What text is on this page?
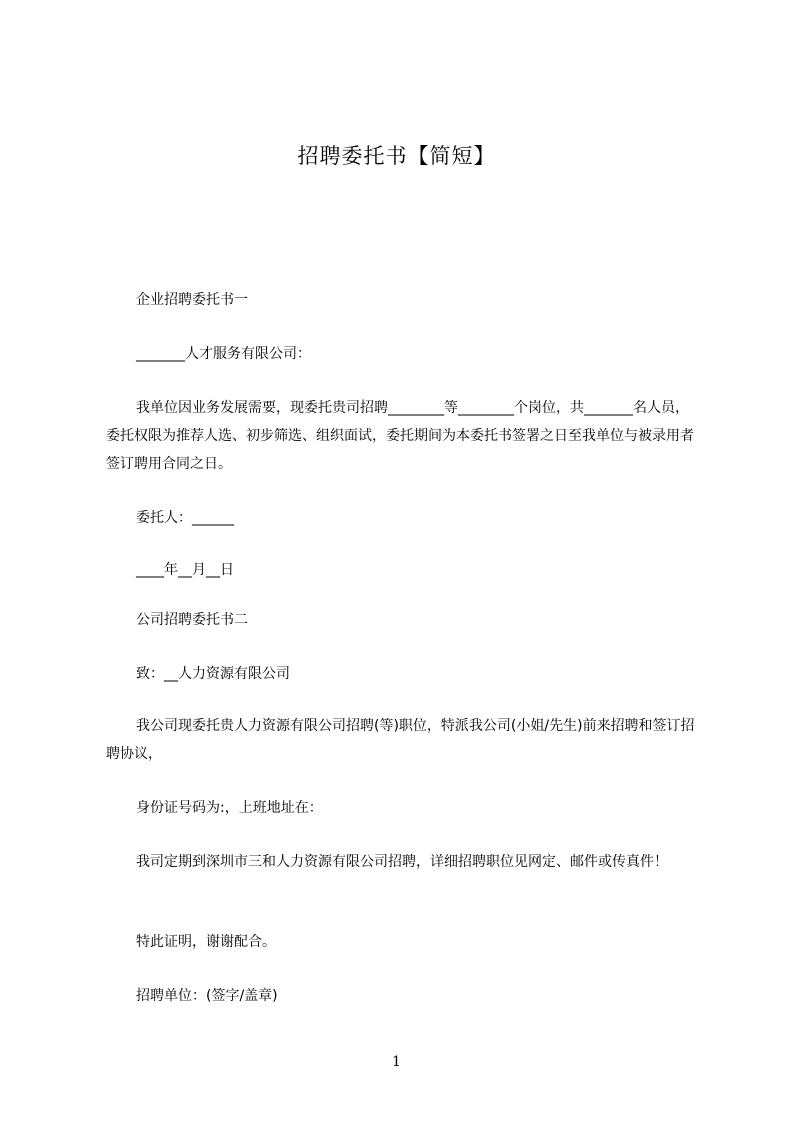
招聘委托书【简短】
企业招聘委托书一
_______人才服务有限公司：
我单位因业务发展需要，现委托贵司招聘________等________个岗位，共_______名人员，委托权限为推荐人选、初步筛选、组织面试，委托期间为本委托书签署之日至我单位与被录用者签订聘用合同之日。
委托人：______
____年__月__日
公司招聘委托书二
致：__人力资源有限公司
我公司现委托贵人力资源有限公司招聘(等)职位，特派我公司(小姐/先生)前来招聘和签订招聘协议，
身份证号码为:，上班地址在：
我司定期到深圳市三和人力资源有限公司招聘，详细招聘职位见网定、邮件或传真件！
特此证明，谢谢配合。
招聘单位：(签字/盖章)
1
